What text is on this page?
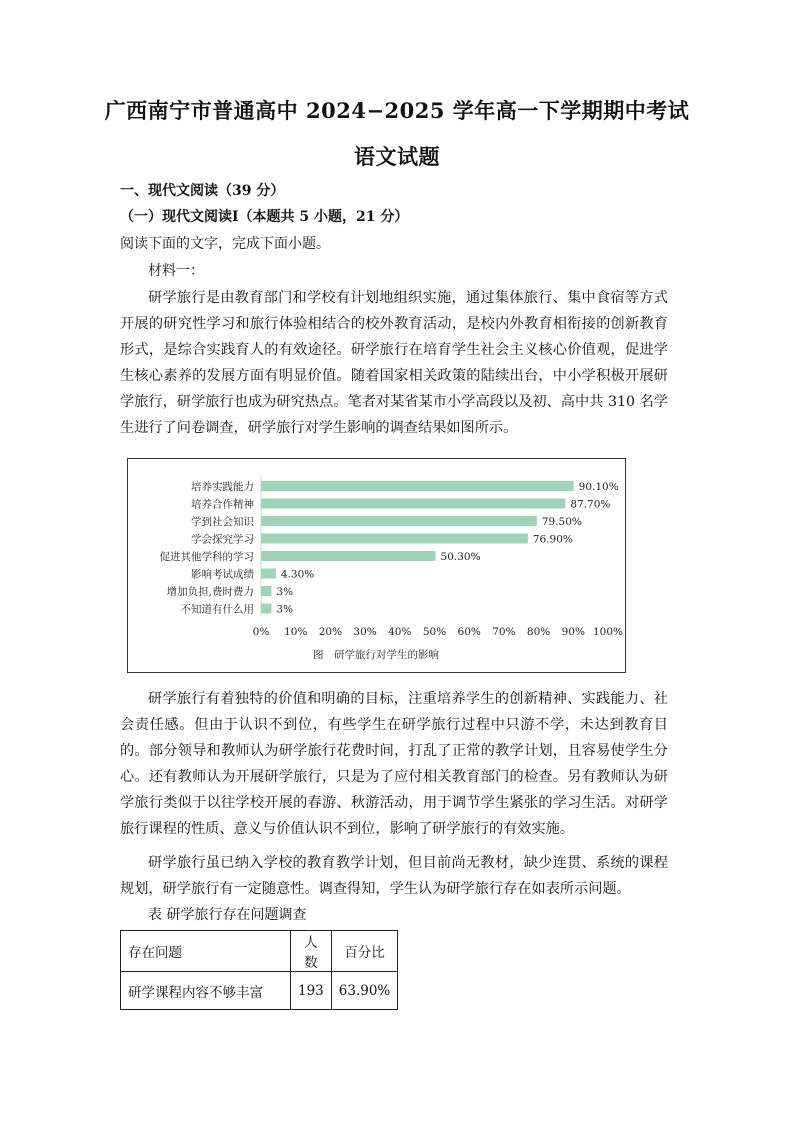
广西南宁市普通高中 2024−2025 学年高一下学期期中考试
语文试题
一、现代文阅读（39 分）
（一）现代文阅读Ⅰ（本题共 5 小题，21 分）
阅读下面的文字，完成下面小题。
材料一：
研学旅行是由教育部门和学校有计划地组织实施，通过集体旅行、集中食宿等方式开展的研究性学习和旅行体验相结合的校外教育活动，是校内外教育相衔接的创新教育形式，是综合实践育人的有效途径。研学旅行在培育学生社会主义核心价值观，促进学生核心素养的发展方面有明显价值。随着国家相关政策的陆续出台，中小学积极开展研学旅行，研学旅行也成为研究热点。笔者对某省某市小学高段以及初、高中共 310 名学生进行了问卷调查，研学旅行对学生影响的调查结果如图所示。
培养实践能力	90.10%
培养合作精神	87.70%
学到社会知识	79.50%
学会探究学习	76.90%
促进其他学科的学习	50.30%
影响考试成绩	4.30%
增加负担,费时费力 3%
不知道有什么用 3%
0% 10% 20% 30% 40% 50% 60% 70% 80% 90% 100%
图　研学旅行对学生的影响
研学旅行有着独特的价值和明确的目标，注重培养学生的创新精神、实践能力、社会责任感。但由于认识不到位，有些学生在研学旅行过程中只游不学，未达到教育目的。部分领导和教师认为研学旅行花费时间，打乱了正常的教学计划，且容易使学生分心。还有教师认为开展研学旅行，只是为了应付相关教育部门的检查。另有教师认为研学旅行类似于以往学校开展的春游、秋游活动，用于调节学生紧张的学习生活。对研学旅行课程的性质、意义与价值认识不到位，影响了研学旅行的有效实施。
研学旅行虽已纳入学校的教育教学计划，但目前尚无教材，缺少连贯、系统的课程规划，研学旅行有一定随意性。调查得知，学生认为研学旅行存在如表所示问题。
表 研学旅行存在问题调查
存在问题	人数	百分比
研学课程内容不够丰富	193	63.90%
